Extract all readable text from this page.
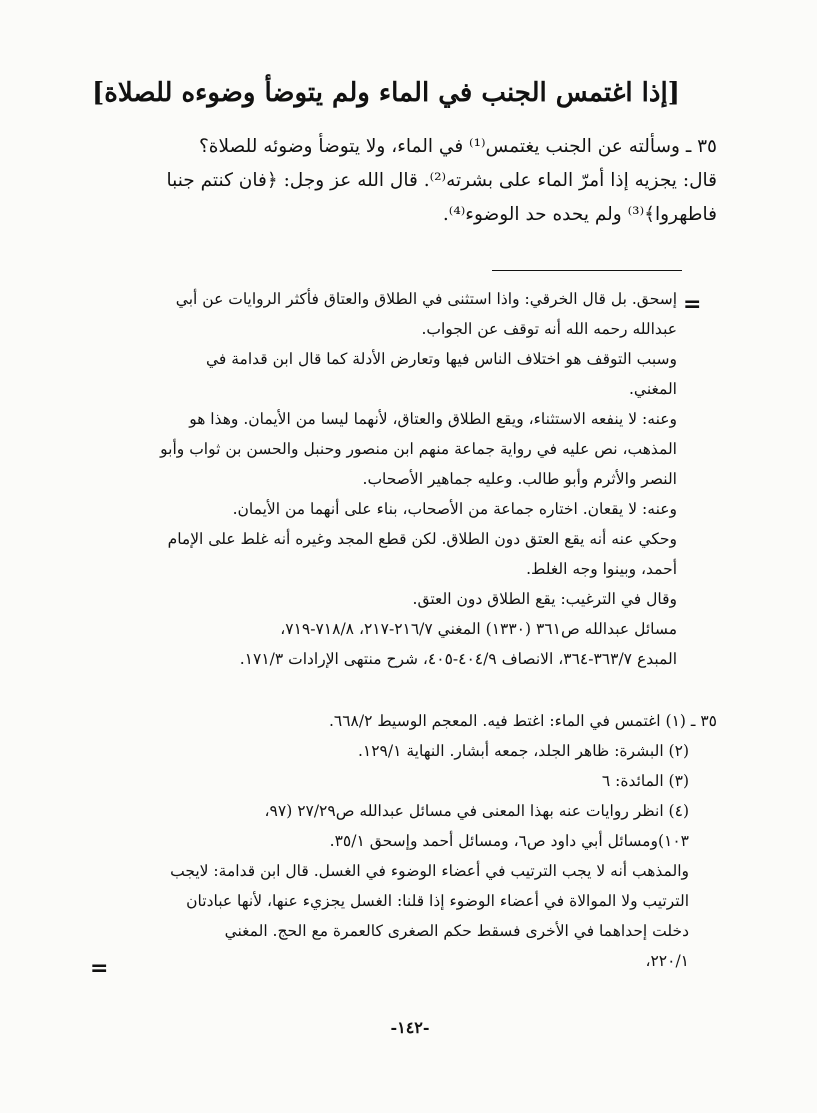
[إذا اغتمس الجنب في الماء ولم يتوضأ وضوءه للصلاة]

٣٥ ـ وسألته عن الجنب يغتمس⁽¹⁾ في الماء، ولا يتوضأ وضوئه للصلاة؟

قال: يجزيه إذا أمرّ الماء على بشرته⁽²⁾. قال الله عز وجل: ﴿فان كنتم جنبا

فاطهروا﴾⁽³⁾ ولم يحده حد الوضوء⁽⁴⁾.

=

إسحق. بل قال الخرقي: واذا استثنى في الطلاق والعتاق فأكثر الروايات عن أبي

عبدالله رحمه الله أنه توقف عن الجواب.

وسبب التوقف هو اختلاف الناس فيها وتعارض الأدلة كما قال ابن قدامة في

المغني.

وعنه: لا ينفعه الاستثناء، ويقع الطلاق والعتاق، لأنهما ليسا من الأيمان. وهذا هو

المذهب، نص عليه في رواية جماعة منهم ابن منصور وحنبل والحسن بن ثواب وأبو

النصر والأثرم وأبو طالب. وعليه جماهير الأصحاب.

وعنه: لا يقعان. اختاره جماعة من الأصحاب، بناء على أنهما من الأيمان.

وحكي عنه أنه يقع العتق دون الطلاق. لكن قطع المجد وغيره أنه غلط على الإمام

أحمد، وبينوا وجه الغلط.

وقال في الترغيب: يقع الطلاق دون العتق.

مسائل عبدالله ص٣٦١ (١٣٣٠) المغني ٢١٦/٧-٢١٧، ٧١٨/٨-٧١٩،

المبدع ٣٦٣/٧-٣٦٤، الانصاف ٤٠٤/٩-٤٠٥، شرح منتهى الإرادات ١٧١/٣.

٣٥ ـ (١) اغتمس في الماء: اغتط فيه. المعجم الوسيط ٦٦٨/٢.

(٢) البشرة: ظاهر الجلد، جمعه أبشار. النهاية ١٢٩/١.

(٣) المائدة: ٦

(٤) انظر روايات عنه بهذا المعنى في مسائل عبدالله ص٢٧/٢٩ (٩٧،

١٠٣)ومسائل أبي داود ص٦، ومسائل أحمد وإسحق ٣٥/١.

والمذهب أنه لا يجب الترتيب في أعضاء الوضوء في الغسل. قال ابن قدامة: لايجب

الترتيب ولا الموالاة في أعضاء الوضوء إذا قلنا: الغسل يجزيء عنها، لأنها عبادتان

دخلت إحداهما في الأخرى فسقط حكم الصغرى كالعمرة مع الحج. المغني

٢٢٠/١،

=
-١٤٢-
